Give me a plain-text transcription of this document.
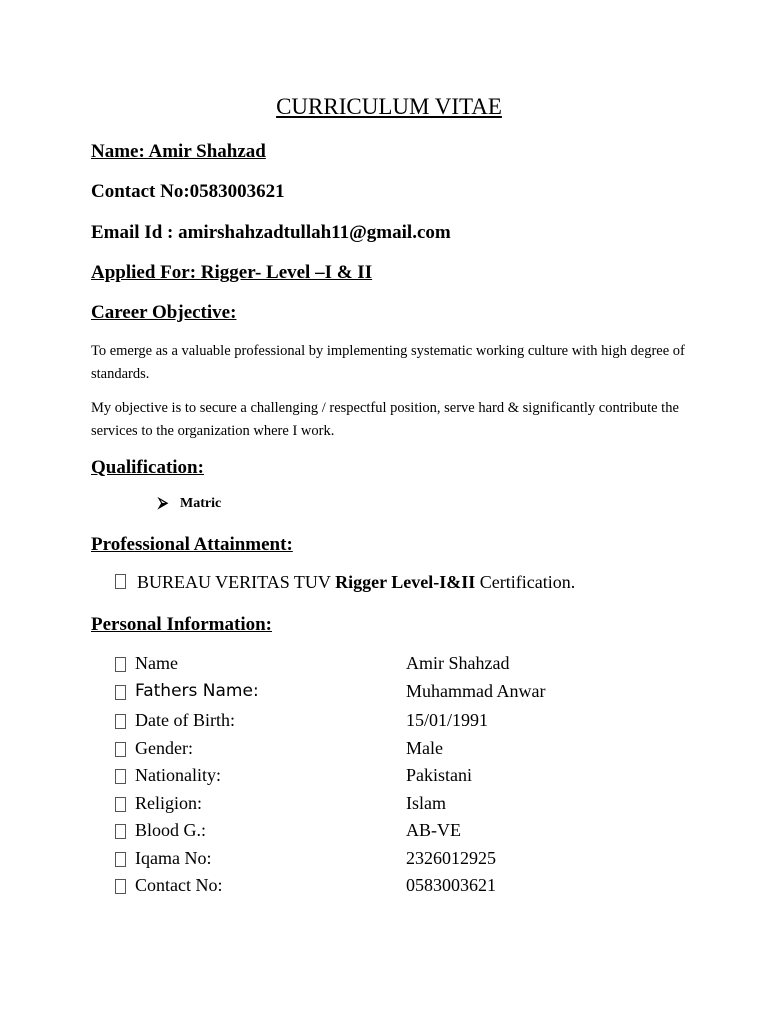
CURRICULUM VITAE
Name: Amir Shahzad
Contact No:0583003621
Email Id : amirshahzadtullah11@gmail.com
Applied For: Rigger- Level –I & II
Career Objective:
To emerge as a valuable professional by implementing systematic working culture with high degree of standards.
My objective is to secure a challenging / respectful position, serve hard & significantly contribute the services to the organization where I work.
Qualification:
⮚ Matric
Professional Attainment:
BUREAU VERITAS TUV Rigger Level-I&II Certification.
Personal Information:
Name	Amir Shahzad
Fathers Name:	Muhammad Anwar
Date of Birth:	15/01/1991
Gender:	Male
Nationality:	Pakistani
Religion:	Islam
Blood G.:	AB-VE
Iqama No:	2326012925
Contact No:	0583003621
